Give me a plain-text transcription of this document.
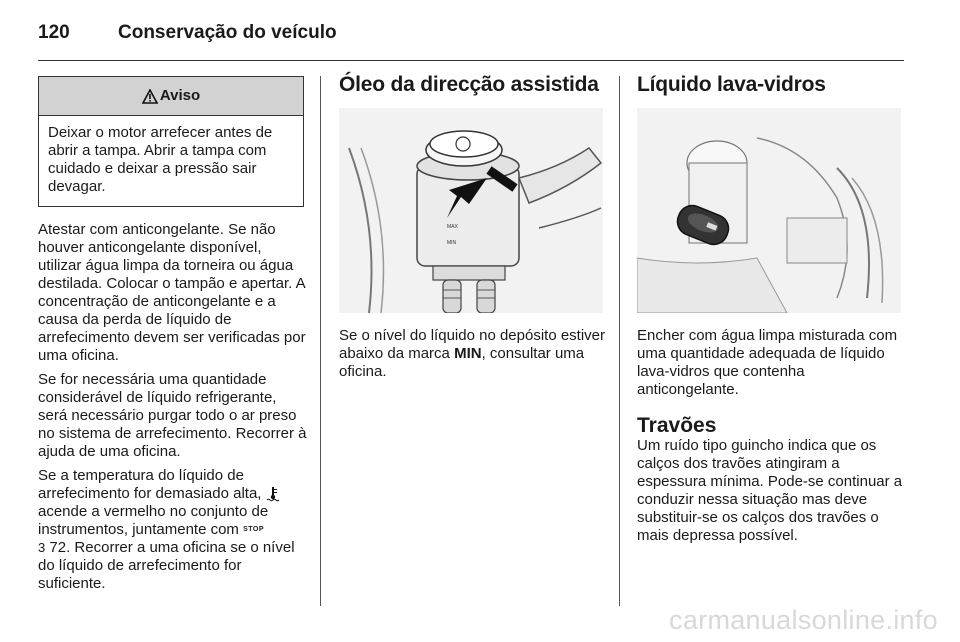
120	Conservação do veículo
Aviso
Deixar o motor arrefecer antes de abrir a tampa. Abrir a tampa com cuidado e deixar a pressão sair devagar.

Atestar com anticongelante. Se não houver anticongelante disponível, utilizar água limpa da torneira ou água destilada. Colocar o tampão e apertar. A concentração de anticongelante e a causa da perda de líquido de arrefecimento devem ser verificadas por uma oficina.

Se for necessária uma quantidade considerável de líquido refrigerante, será necessário purgar todo o ar preso no sistema de arrefecimento. Recorrer à ajuda de uma oficina.

Se a temperatura do líquido de arrefecimento for demasiado alta,  acende a vermelho no conjunto de instrumentos, juntamente com STOP
3 72. Recorrer a uma oficina se o nível do líquido de arrefecimento for suficiente.

Óleo da direcção assistida
MAX
MIN

Se o nível do líquido no depósito estiver abaixo da marca MIN, consultar uma oficina.

Líquido lava-vidros

Encher com água limpa misturada com uma quantidade adequada de líquido lava-vidros que contenha anticongelante.

Travões

Um ruído tipo guincho indica que os calços dos travões atingiram a espessura mínima. Pode-se continuar a conduzir nessa situação mas deve substituir-se os calços dos travões o mais depressa possível.

carmanualsonline.info
